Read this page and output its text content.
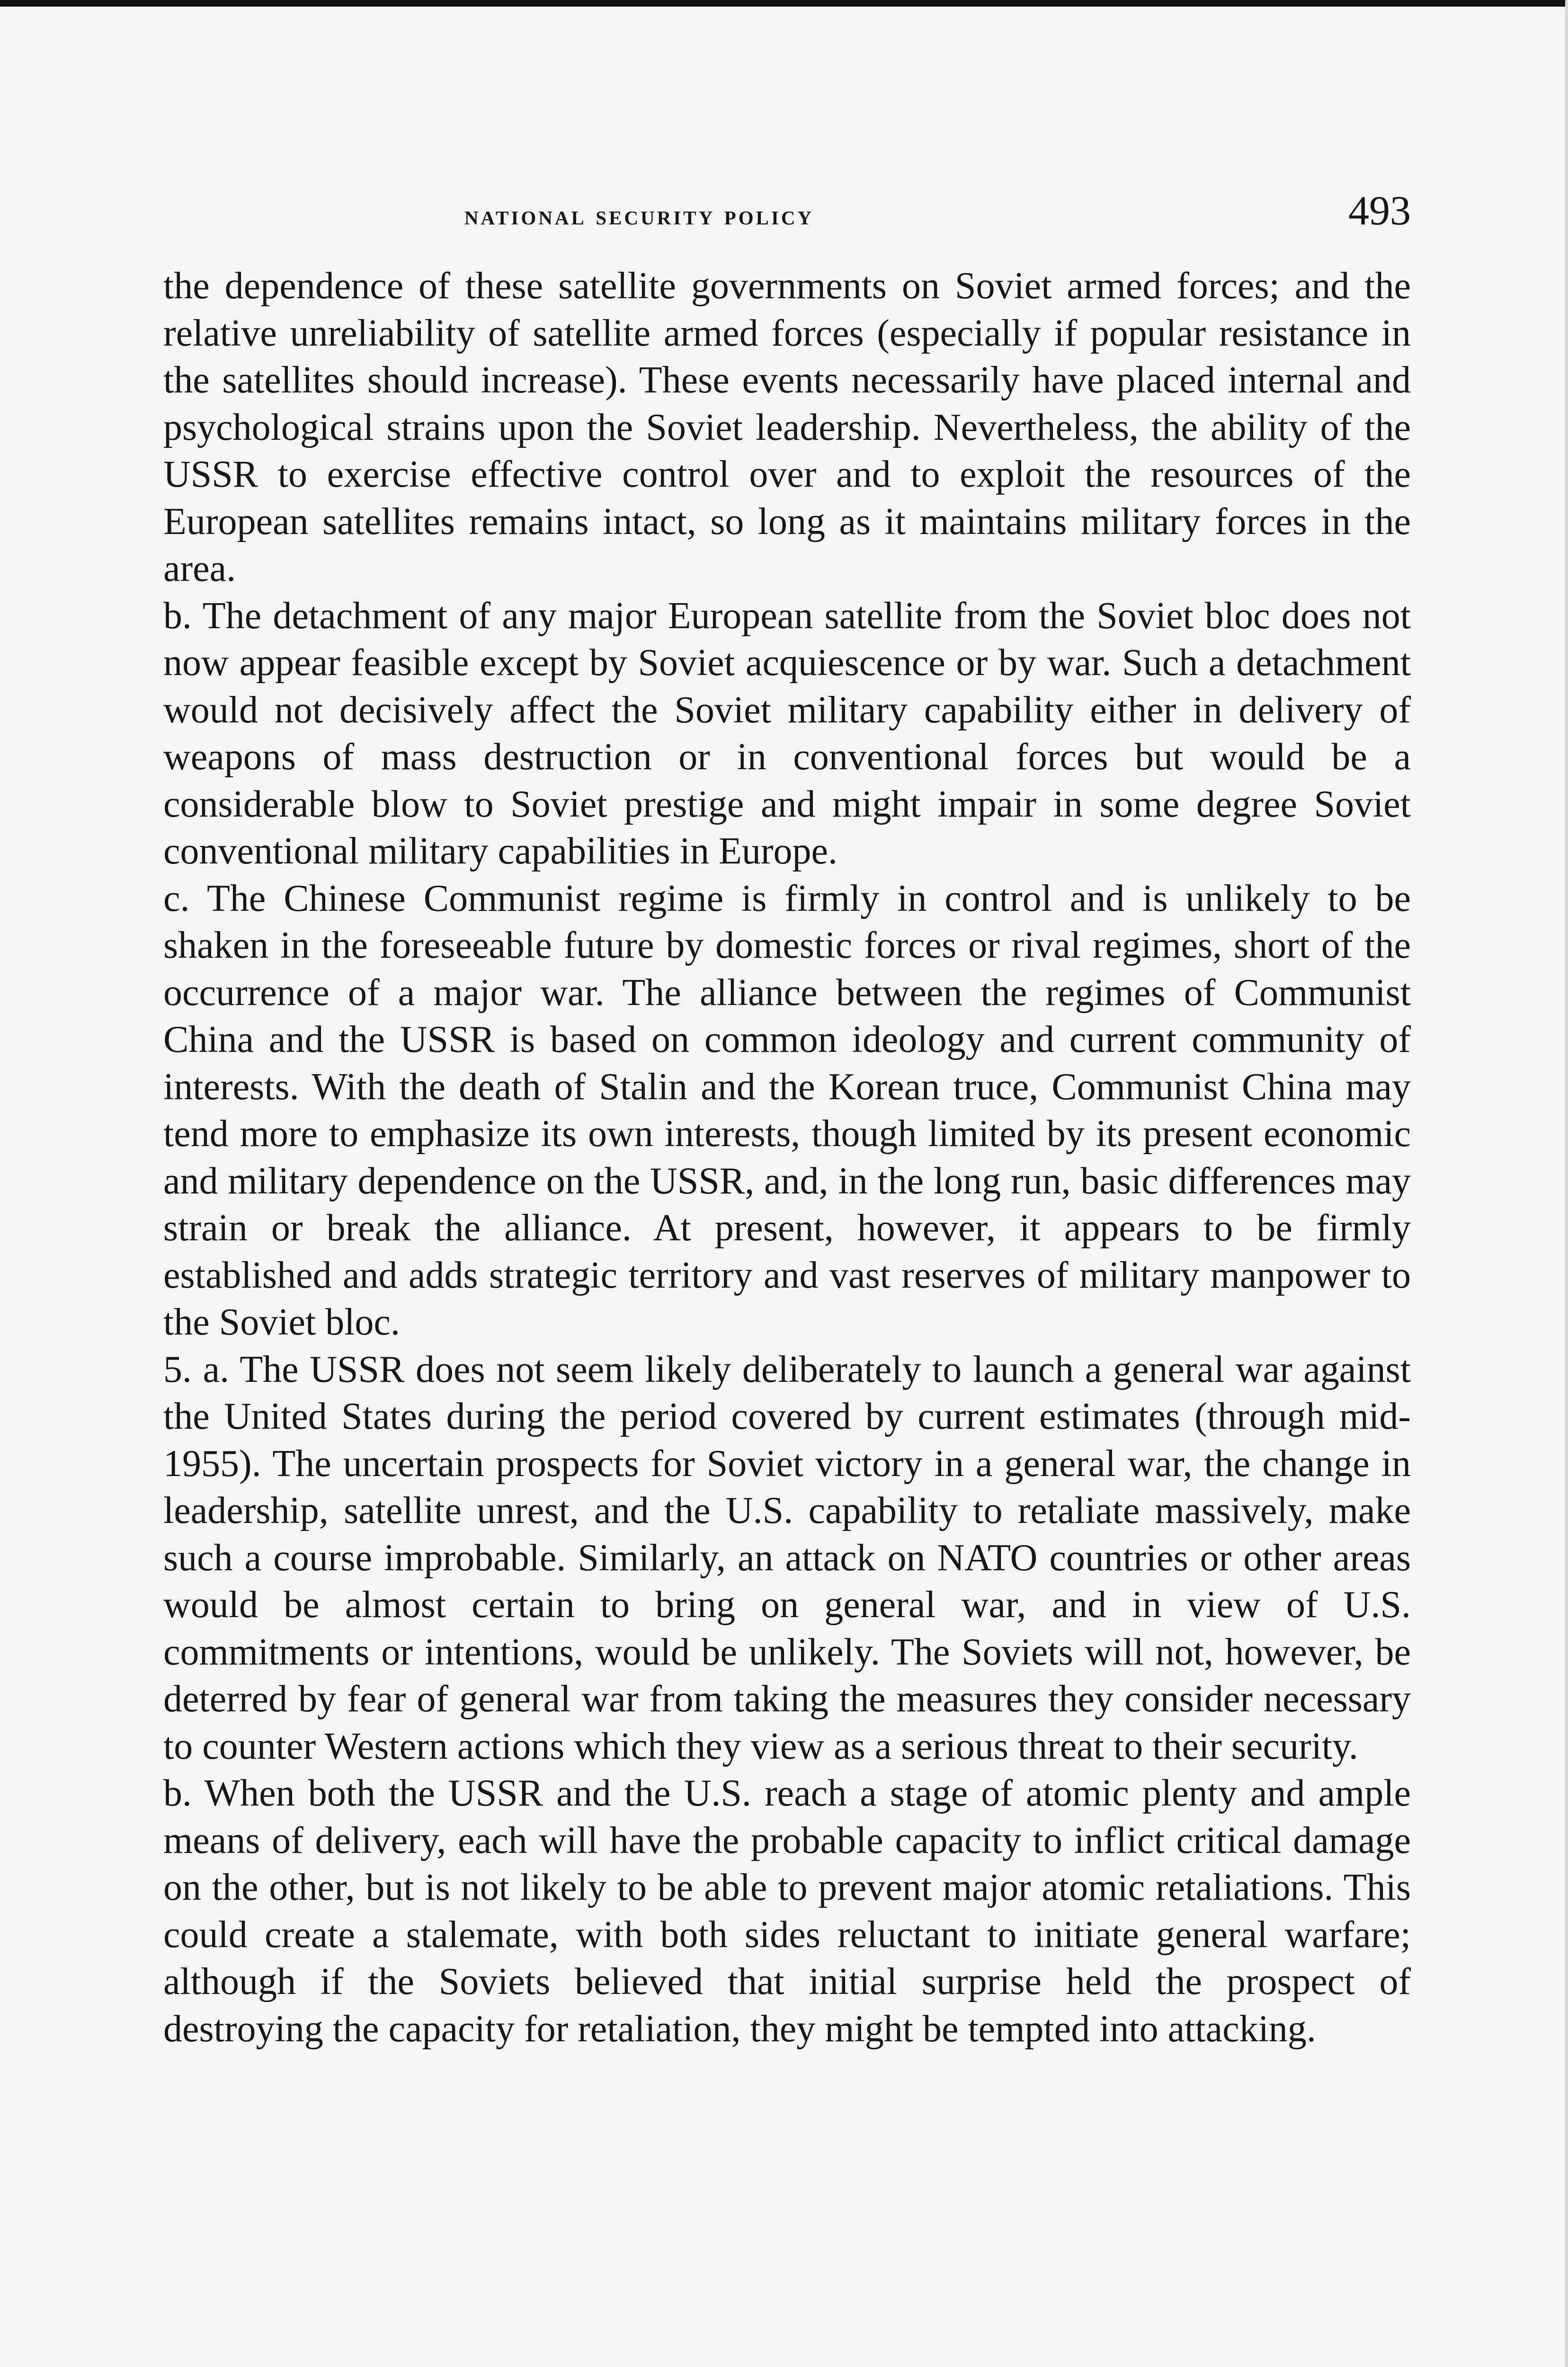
national security policy	493

the dependence of these satellite governments on Soviet armed forces; and the relative unreliability of satellite armed forces (especially if popular resistance in the satellites should increase). These events necessarily have placed internal and psychological strains upon the Soviet leadership. Nevertheless, the ability of the USSR to exercise effective control over and to exploit the resources of the European satellites remains intact, so long as it maintains military forces in the area.

b. The detachment of any major European satellite from the Soviet bloc does not now appear feasible except by Soviet acquiescence or by war. Such a detachment would not decisively affect the Soviet military capability either in delivery of weapons of mass destruction or in conventional forces but would be a considerable blow to Soviet prestige and might impair in some degree Soviet conventional military capabilities in Europe.

c. The Chinese Communist regime is firmly in control and is unlikely to be shaken in the foreseeable future by domestic forces or rival regimes, short of the occurrence of a major war. The alliance between the regimes of Communist China and the USSR is based on common ideology and current community of interests. With the death of Stalin and the Korean truce, Communist China may tend more to emphasize its own interests, though limited by its present economic and military dependence on the USSR, and, in the long run, basic differences may strain or break the alliance. At present, however, it appears to be firmly established and adds strategic territory and vast reserves of military manpower to the Soviet bloc.

5. a. The USSR does not seem likely deliberately to launch a general war against the United States during the period covered by current estimates (through mid-1955). The uncertain prospects for Soviet victory in a general war, the change in leadership, satellite unrest, and the U.S. capability to retaliate massively, make such a course improbable. Similarly, an attack on NATO countries or other areas would be almost certain to bring on general war, and in view of U.S. commitments or intentions, would be unlikely. The Soviets will not, however, be deterred by fear of general war from taking the measures they consider necessary to counter Western actions which they view as a serious threat to their security.

b. When both the USSR and the U.S. reach a stage of atomic plenty and ample means of delivery, each will have the probable capacity to inflict critical damage on the other, but is not likely to be able to prevent major atomic retaliations. This could create a stalemate, with both sides reluctant to initiate general warfare; although if the Soviets believed that initial surprise held the prospect of destroying the capacity for retaliation, they might be tempted into attacking.
